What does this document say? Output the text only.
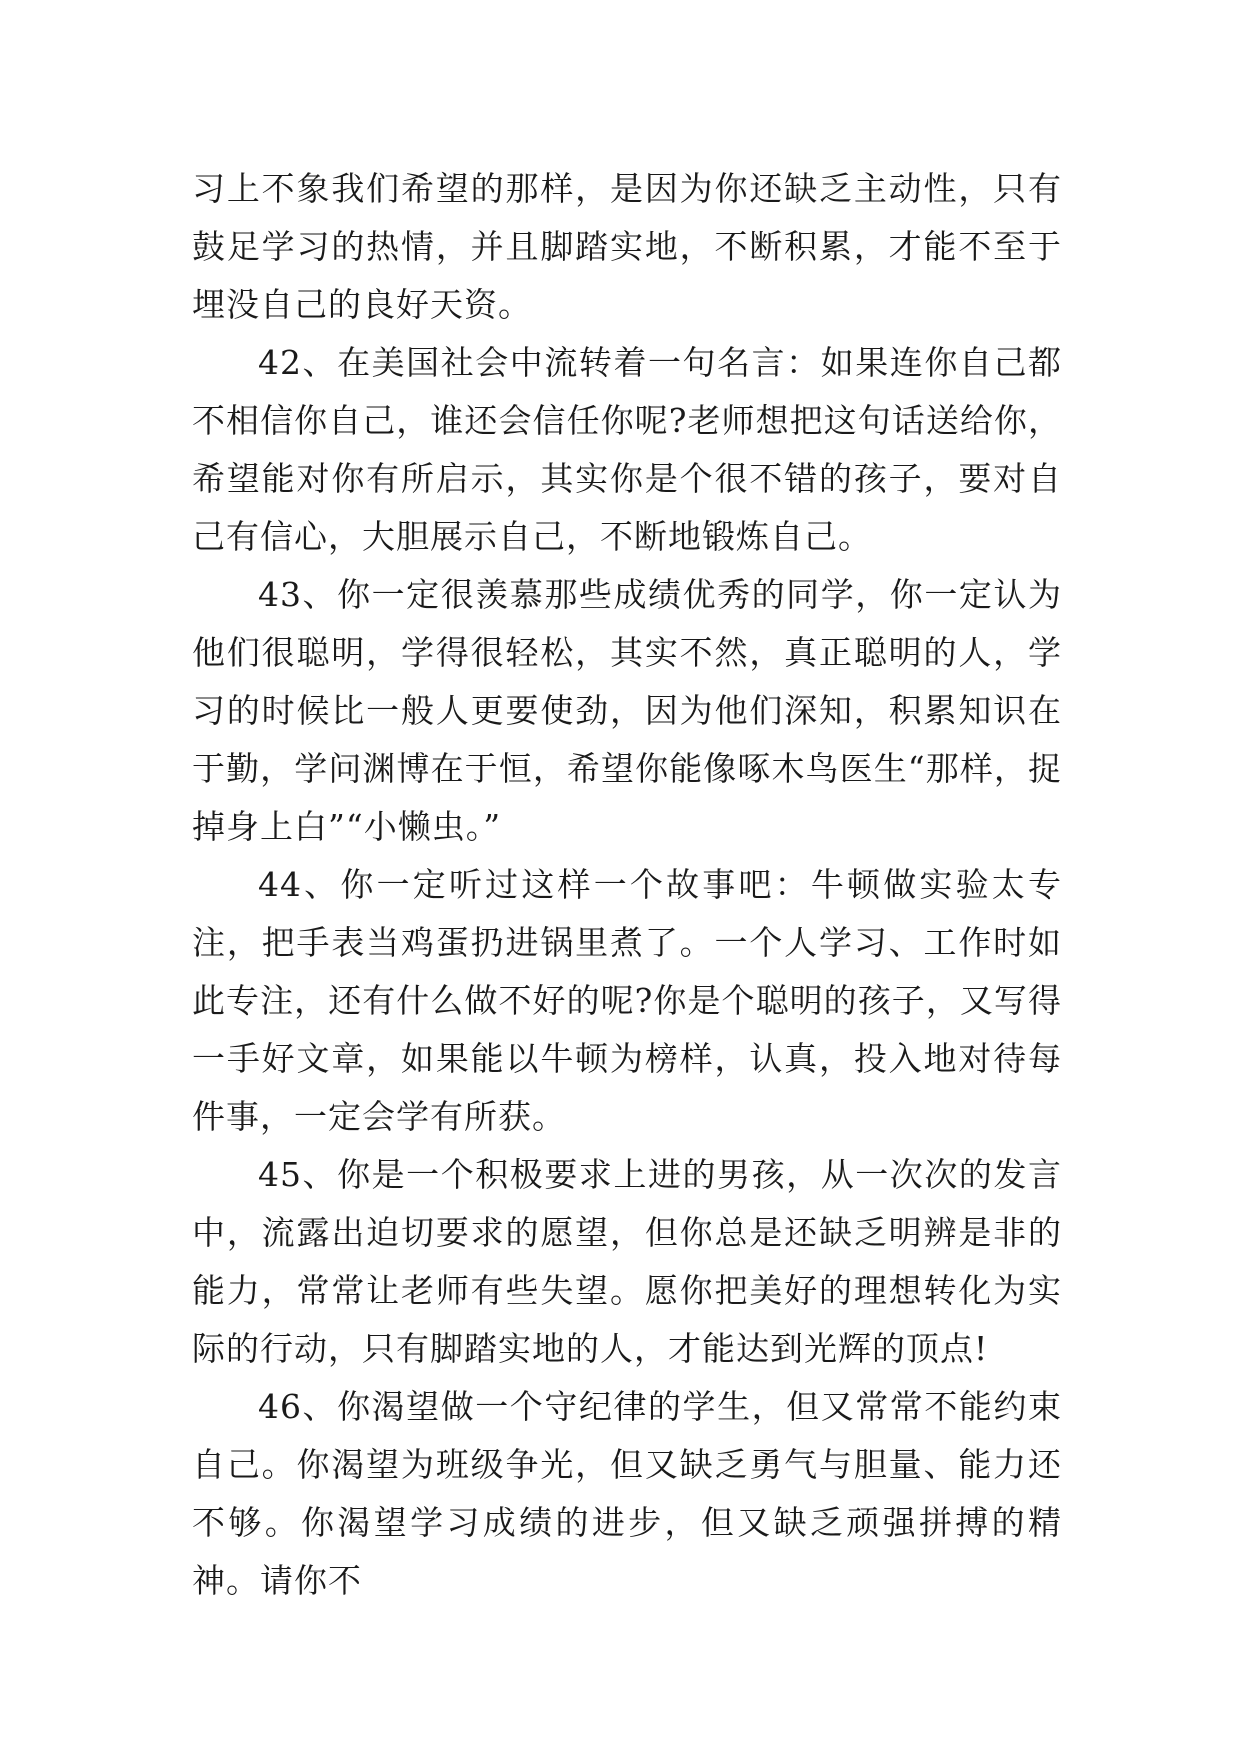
习上不象我们希望的那样，是因为你还缺乏主动性，只有鼓足学习的热情，并且脚踏实地，不断积累，才能不至于埋没自己的良好天资。

42、在美国社会中流转着一句名言：如果连你自己都不相信你自己，谁还会信任你呢?老师想把这句话送给你，希望能对你有所启示，其实你是个很不错的孩子，要对自己有信心，大胆展示自己，不断地锻炼自己。

43、你一定很羡慕那些成绩优秀的同学，你一定认为他们很聪明，学得很轻松，其实不然，真正聪明的人，学习的时候比一般人更要使劲，因为他们深知，积累知识在于勤，学问渊博在于恒，希望你能像啄木鸟医生“那样，捉掉身上白”“小懒虫。”

44、你一定听过这样一个故事吧：牛顿做实验太专注，把手表当鸡蛋扔进锅里煮了。一个人学习、工作时如此专注，还有什么做不好的呢?你是个聪明的孩子，又写得一手好文章，如果能以牛顿为榜样，认真，投入地对待每件事，一定会学有所获。

45、你是一个积极要求上进的男孩，从一次次的发言中，流露出迫切要求的愿望，但你总是还缺乏明辨是非的能力，常常让老师有些失望。愿你把美好的理想转化为实际的行动，只有脚踏实地的人，才能达到光辉的顶点!

46、你渴望做一个守纪律的学生，但又常常不能约束自己。你渴望为班级争光，但又缺乏勇气与胆量、能力还不够。你渴望学习成绩的进步，但又缺乏顽强拼搏的精神。请你不
